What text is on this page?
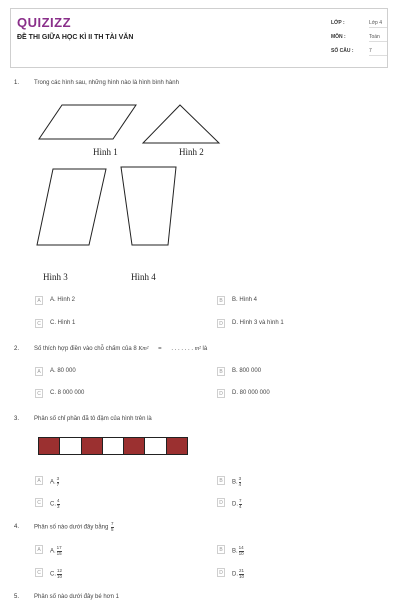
QUIZIZZ
ĐỀ THI GIỮA HỌC KÌ II TH TÀI VĂN
LỚP :	Lớp 4
MÔN :	Toán
SỐ CÂU :	7
1. Trong các hình sau, những hình nào là hình bình hành
Hình 1	Hình 2
Hình 3	Hình 4
A	A. Hình 2	B	B. Hình 4
C	C. Hình 1	D	D. Hình 3 và hình 1
2. Số thích hợp điền vào chỗ chấm của 8 Km² = . . . . . . . m² là
A	A. 80 000	B	B. 800 000
C	C. 8 000 000	D	D. 80 000 000
3. Phân số chỉ phần đã tô đậm của hình trên là
A	A. $\frac{3}{7}$	B	B. $\frac{3}{4}$
C	C. $\frac{4}{3}$	D	D. $\frac{7}{4}$
4. Phân số nào dưới đây bằng $\frac{7}{5}$
A	A. $\frac{17}{15}$	B	B. $\frac{14}{10}$
C	C. $\frac{12}{10}$	D	D. $\frac{21}{10}$
5. Phân số nào dưới đây bé hơn 1
